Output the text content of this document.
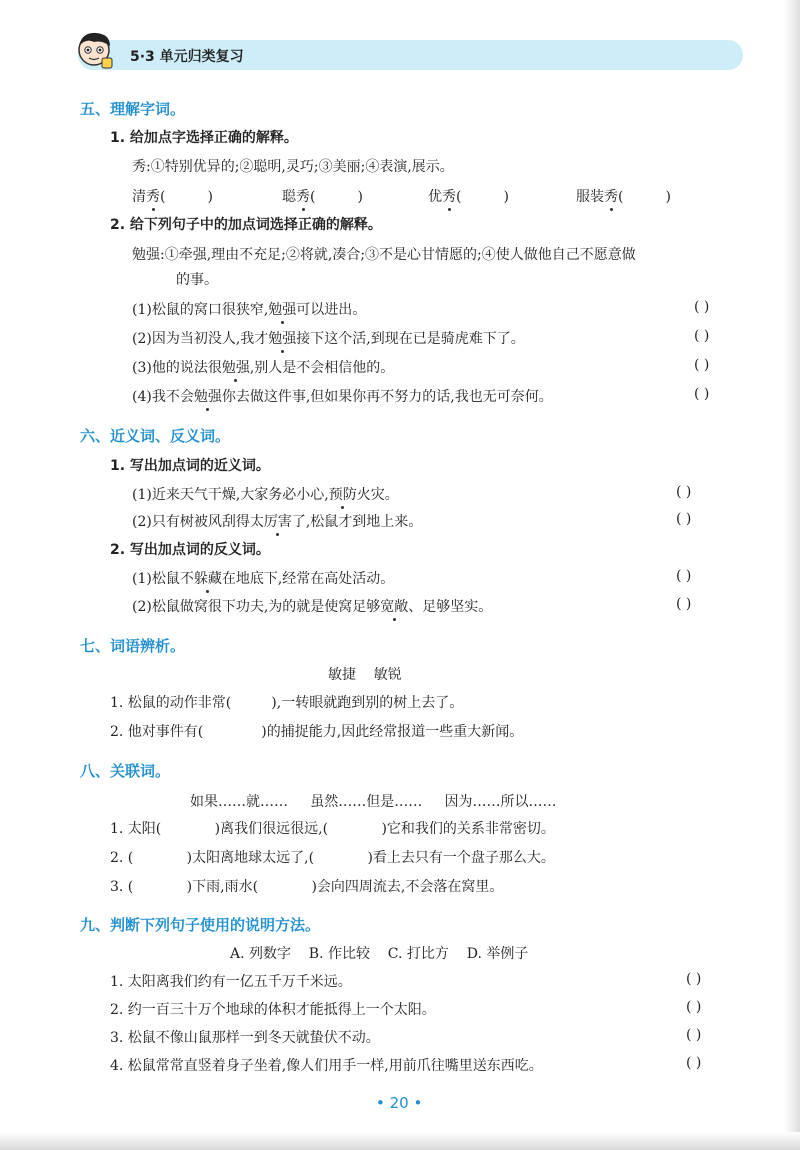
5·3 单元归类复习
五、理解字词。
1. 给加点字选择正确的解释。
秀:①特别优异的;②聪明,灵巧;③美丽;④表演,展示。
清秀(	)	聪秀(	)	优秀(	)	服装秀(	)
2. 给下列句子中的加点词选择正确的解释。
勉强:①牵强,理由不充足;②将就,凑合;③不是心甘情愿的;④使人做他自己不愿意做
的事。
(1)松鼠的窝口很狭窄,勉强可以进出。	( )
(2)因为当初没人,我才勉强接下这个活,到现在已是骑虎难下了。	( )
(3)他的说法很勉强,别人是不会相信他的。	( )
(4)我不会勉强你去做这件事,但如果你再不努力的话,我也无可奈何。	( )
六、近义词、反义词。
1. 写出加点词的近义词。
(1)近来天气干燥,大家务必小心,预防火灾。	( )
(2)只有树被风刮得太厉害了,松鼠才到地上来。	( )
2. 写出加点词的反义词。
(1)松鼠不躲藏在地底下,经常在高处活动。	( )
(2)松鼠做窝很下功夫,为的就是使窝足够宽敞、足够坚实。	( )
七、词语辨析。
敏捷    敏锐
1. 松鼠的动作非常(	),一转眼就跑到别的树上去了。
2. 他对事件有(	)的捕捉能力,因此经常报道一些重大新闻。
八、关联词。
如果……就……     虽然……但是……     因为……所以……
1. 太阳(            )离我们很远很远,(            )它和我们的关系非常密切。
2. (            )太阳离地球太远了,(            )看上去只有一个盘子那么大。
3. (            )下雨,雨水(            )会向四周流去,不会落在窝里。
九、判断下列句子使用的说明方法。
A. 列数字    B. 作比较    C. 打比方    D. 举例子
1. 太阳离我们约有一亿五千万千米远。	( )
2. 约一百三十万个地球的体积才能抵得上一个太阳。	( )
3. 松鼠不像山鼠那样一到冬天就蛰伏不动。	( )
4. 松鼠常常直竖着身子坐着,像人们用手一样,用前爪往嘴里送东西吃。	( )
• 20 •
